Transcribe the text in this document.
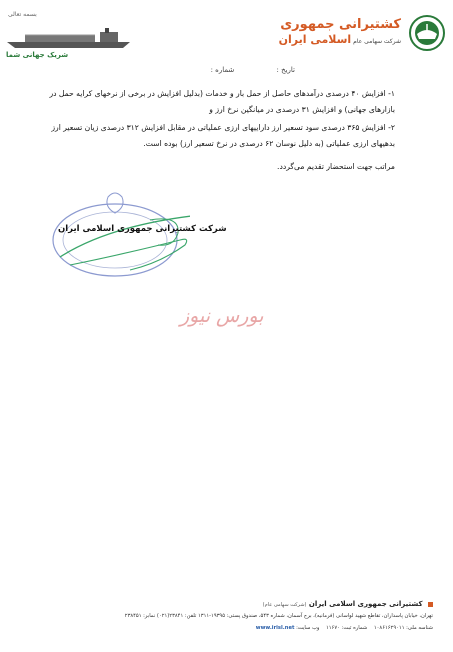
بسمه تعالی
شریک جهانی شما
کشتیرانی جمهوری
شرکت سهامی عام اسلامی ایران
تاریخ : شماره :

۱- افزایش ۴۰ درصدی درآمدهای حاصل از حمل بار و خدمات (بدلیل افزایش در برخی از نرخهای کرایه حمل در بازارهای جهانی) و افزایش ۳۱ درصدی در میانگین نرخ ارز و

۲- افزایش ۳۶۵ درصدی سود تسعیر ارز داراییهای ارزی عملیاتی در مقابل افزایش ۳۱۲ درصدی زیان تسعیر ارز بدهیهای ارزی عملیاتی (به دلیل نوسان ۶۲ درصدی در نرخ تسعیر ارز) بوده است.

مراتب جهت استحضار تقدیم می‌گردد.

شرکت کشتیرانی جمهوری اسلامی ایران
بورس نیوز
کشتیرانی جمهوری اسلامی ایران (شرکت سهامی عام)
تهران، خیابان پاسداران، تقاطع شهید لواسانی (فرمانیه)، برج آسمان، شماره ۵۴۳، صندوق پستی: ۱۹۳۹۵-۱۳۱۱ تلفن: ۲۳۸۴۱(۰۲۱) نمابر: ۲۳۸۴۵۱
شناسه ملی: ۱۰۸۶۱۶۲۹۰۱۱    شماره ثبت: ۱۱۶۷۰    وب سایت: www.irisl.net
